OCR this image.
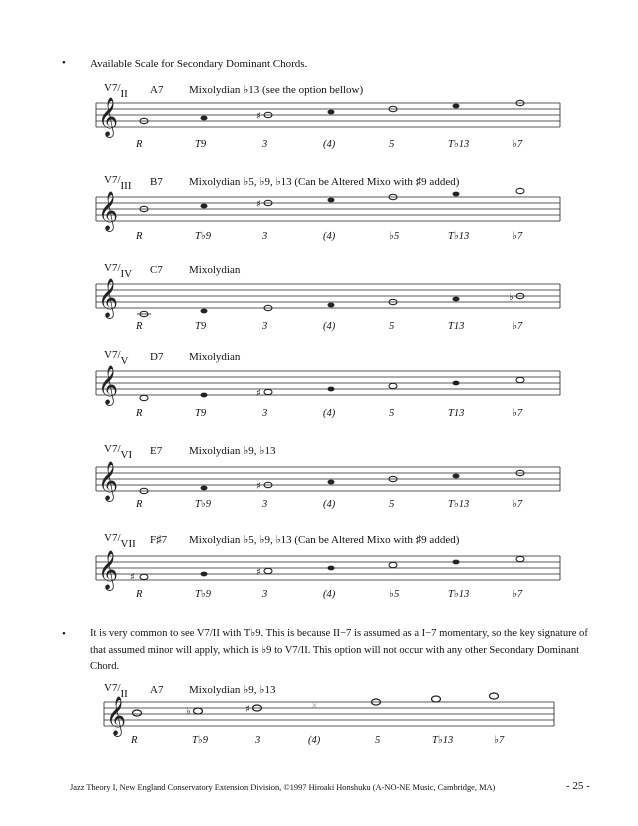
• Available Scale for Secondary Dominant Chords.
V7/II A7 Mixolydian ♭13 (see the option bellow)
𝄞	♯
R	T9	3	(4)	5	T♭13	♭7
V7/III B7 Mixolydian ♭5, ♭9, ♭13 (Can be Altered Mixo with ♯9 added)
𝄞	♯
R	T♭9	3	(4)	♭5	T♭13	♭7
V7/IV C7 Mixolydian
𝄞	♭
R	T9	3	(4)	5	T13	♭7
V7/V D7 Mixolydian
𝄞	♯
R	T9	3	(4)	5	T13	♭7
V7/VI E7 Mixolydian ♭9, ♭13
𝄞	♯
R	T♭9	3	(4)	5	T♭13	♭7
V7/VII F♯7 Mixolydian ♭5, ♭9, ♭13 (Can be Altered Mixo with ♯9 added)
𝄞 ♯	♯
R	T♭9	3	(4)	♭5	T♭13	♭7
• It is very common to see V7/II with T♭9. This is because II−7 is assumed as a I−7 momentary, so the key signature of that assumed minor will apply, which is ♭9 to V7/II. This option will not occur with any other Secondary Dominant Chord.
V7/II A7 Mixolydian ♭9, ♭13
𝄞	♭	♯	×
R	T♭9	3	(4)	5	T♭13	♭7
Jazz Theory I, New England Conservatory Extension Division, ©1997 Hiroaki Honshuku (A-NO-NE Music, Cambridge, MA)	- 25 -
